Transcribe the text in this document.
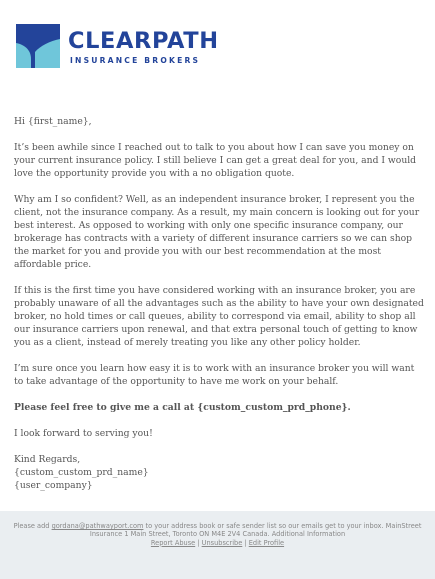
CLEARPATH
INSURANCE BROKERS

Hi {first_name},

It’s been awhile since I reached out to talk to you about how I can save you money on your current insurance policy. I still believe I can get a great deal for you, and I would love the opportunity provide you with a no obligation quote.

Why am I so confident? Well, as an independent insurance broker, I represent you the client, not the insurance company. As a result, my main concern is looking out for your best interest. As opposed to working with only one specific insurance company, our brokerage has contracts with a variety of different insurance carriers so we can shop the market for you and provide you with our best recommendation at the most affordable price.

If this is the first time you have considered working with an insurance broker, you are probably unaware of all the advantages such as the ability to have your own designated broker, no hold times or call queues, ability to correspond via email, ability to shop all our insurance carriers upon renewal, and that extra personal touch of getting to know you as a client, instead of merely treating you like any other policy holder.

I’m sure once you learn how easy it is to work with an insurance broker you will want to take advantage of the opportunity to have me work on your behalf.

Please feel free to give me a call at {custom_custom_prd_phone}.

I look forward to serving you!

Kind Regards,
{custom_custom_prd_name}
{user_company}

Please add gordana@pathwayport.com to your address book or safe sender list so our emails get to your inbox. MainStreet Insurance 1 Main Street, Toronto ON M4E 2V4 Canada. Additional Information
Report Abuse | Unsubscribe | Edit Profile
